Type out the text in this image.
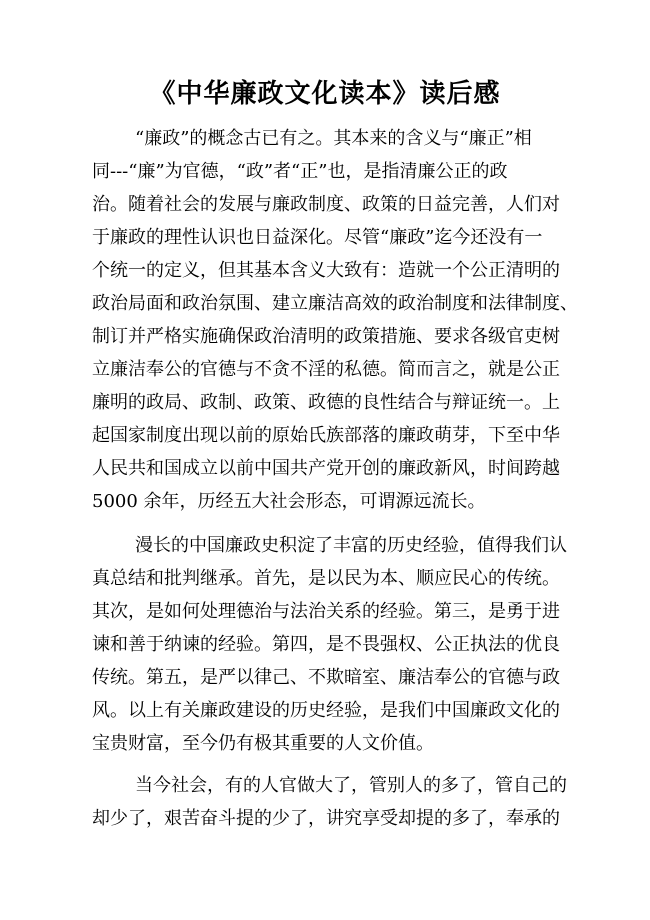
《中华廉政文化读本》读后感
“廉政”的概念古已有之。其本来的含义与“廉正”相
同---“廉”为官德，“政”者“正”也，是指清廉公正的政
治。随着社会的发展与廉政制度、政策的日益完善，人们对
于廉政的理性认识也日益深化。尽管“廉政”迄今还没有一
个统一的定义，但其基本含义大致有：造就一个公正清明的
政治局面和政治氛围、建立廉洁高效的政治制度和法律制度、
制订并严格实施确保政治清明的政策措施、要求各级官吏树
立廉洁奉公的官德与不贪不淫的私德。简而言之，就是公正
廉明的政局、政制、政策、政德的良性结合与辩证统一。上
起国家制度出现以前的原始氏族部落的廉政萌芽，下至中华
人民共和国成立以前中国共产党开创的廉政新风，时间跨越
5000 余年，历经五大社会形态，可谓源远流长。
漫长的中国廉政史积淀了丰富的历史经验，值得我们认
真总结和批判继承。首先，是以民为本、顺应民心的传统。
其次，是如何处理德治与法治关系的经验。第三，是勇于进
谏和善于纳谏的经验。第四，是不畏强权、公正执法的优良
传统。第五，是严以律己、不欺暗室、廉洁奉公的官德与政
风。以上有关廉政建设的历史经验，是我们中国廉政文化的
宝贵财富，至今仍有极其重要的人文价值。
当今社会，有的人官做大了，管别人的多了，管自己的
却少了，艰苦奋斗提的少了，讲究享受却提的多了，奉承的
